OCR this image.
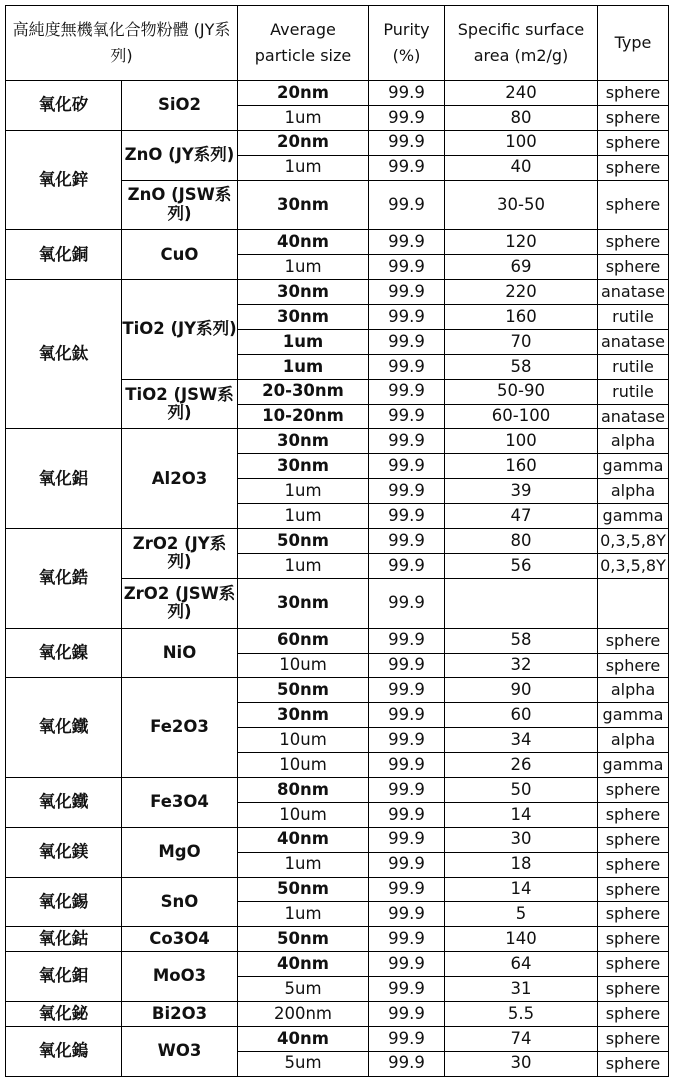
高純度無機氧化合物粉體 (JY系列)		Average particle size	Purity (%)	Specific surface area (m2/g)	Type
氧化矽	SiO2	20nm	99.9	240	sphere
		1um	99.9	80	sphere
氧化鋅	ZnO (JY系列)	20nm	99.9	100	sphere
		1um	99.9	40	sphere
	ZnO (JSW系列)	30nm	99.9	30-50	sphere

氧化銅	CuO	40nm	99.9	120	sphere
		1um	99.9	69	sphere
氧化鈦	TiO2 (JY系列)	30nm	99.9	220	anatase
		30nm	99.9	160	rutile
		1um	99.9	70	anatase
		1um	99.9	58	rutile
	TiO2 (JSW系列)	20-30nm	99.9	50-90	rutile
		10-20nm	99.9	60-100	anatase
氧化鋁	Al2O3	30nm	99.9	100	alpha
		30nm	99.9	160	gamma
		1um	99.9	39	alpha
		1um	99.9	47	gamma
氧化鋯	ZrO2 (JY系列)	50nm	99.9	80	0,3,5,8Y
		1um	99.9	56	0,3,5,8Y
	ZrO2 (JSW系列)	30nm	99.9		

氧化鎳	NiO	60nm	99.9	58	sphere
		10um	99.9	32	sphere
氧化鐵	Fe2O3	50nm	99.9	90	alpha
		30nm	99.9	60	gamma
		10um	99.9	34	alpha
		10um	99.9	26	gamma
氧化鐵	Fe3O4	80nm	99.9	50	sphere
		10um	99.9	14	sphere
氧化鎂	MgO	40nm	99.9	30	sphere
		1um	99.9	18	sphere
氧化錫	SnO	50nm	99.9	14	sphere
		1um	99.9	5	sphere
氧化鈷	Co3O4	50nm	99.9	140	sphere
氧化鉬	MoO3	40nm	99.9	64	sphere
		5um	99.9	31	sphere
氧化鉍	Bi2O3	200nm	99.9	5.5	sphere
氧化鎢	WO3	40nm	99.9	74	sphere
		5um	99.9	30	sphere
